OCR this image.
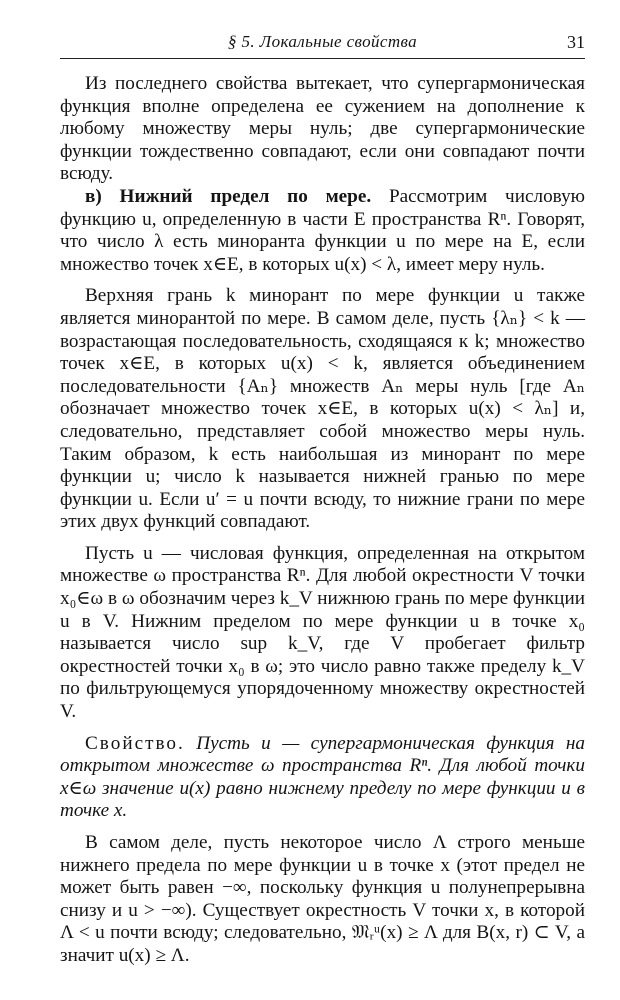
§ 5. Локальные свойства	31

Из последнего свойства вытекает, что супергармоническая функция вполне определена ее сужением на дополнение к любому множеству меры нуль; две супергармонические функции тождественно совпадают, если они совпадают почти всюду.

в) Нижний предел по мере. Рассмотрим числовую функцию u, определенную в части E пространства Rⁿ. Говорят, что число λ есть миноранта функции u по мере на E, если множество точек x∈E, в которых u(x) < λ, имеет меру нуль.

Верхняя грань k минорант по мере функции u также является минорантой по мере. В самом деле, пусть {λₙ} < k — возрастающая последовательность, сходящаяся к k; множество точек x∈E, в которых u(x) < k, является объединением последовательности {Aₙ} множеств Aₙ меры нуль [где Aₙ обозначает множество точек x∈E, в которых u(x) < λₙ] и, следовательно, представляет собой множество меры нуль. Таким образом, k есть наибольшая из минорант по мере функции u; число k называется нижней гранью по мере функции u. Если u′ = u почти всюду, то нижние грани по мере этих двух функций совпадают.

Пусть u — числовая функция, определенная на открытом множестве ω пространства Rⁿ. Для любой окрестности V точки x₀∈ω в ω обозначим через k_V нижнюю грань по мере функции u в V. Нижним пределом по мере функции u в точке x₀ называется число sup k_V, где V пробегает фильтр окрестностей точки x₀ в ω; это число равно также пределу k_V по фильтрующемуся упорядоченному множеству окрестностей V.

Свойство. Пусть u — супергармоническая функция на открытом множестве ω пространства Rⁿ. Для любой точки x∈ω значение u(x) равно нижнему пределу по мере функции u в точке x.

В самом деле, пусть некоторое число Λ строго меньше нижнего предела по мере функции u в точке x (этот предел не может быть равен −∞, поскольку функция u полунепрерывна снизу и u > −∞). Существует окрестность V точки x, в которой Λ < u почти всюду; следовательно, 𝔐ᵣᵘ(x) ≥ Λ для B(x, r) ⊂ V, а значит u(x) ≥ Λ.
